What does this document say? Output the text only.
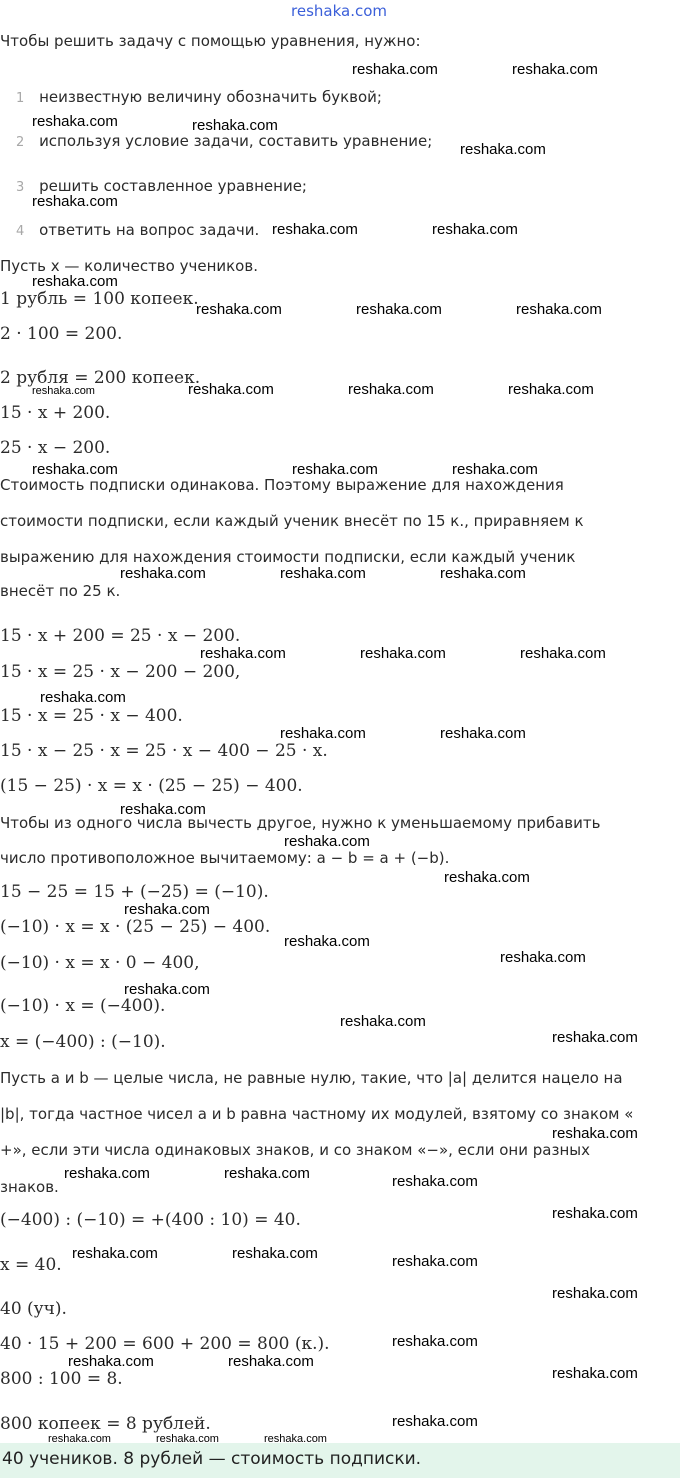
reshaka.com
Чтобы решить задачу с помощью уравнения, нужно:
1 неизвестную величину обозначить буквой;
2 используя условие задачи, составить уравнение;
3 решить составленное уравнение;
4 ответить на вопрос задачи.
Пусть x — количество учеников.
1 рубль = 100 копеек.
2 · 100 = 200.
2 рубля = 200 копеек.
15 · x + 200.
25 · x − 200.
Стоимость подписки одинакова. Поэтому выражение для нахождения
стоимости подписки, если каждый ученик внесёт по 15 к., приравняем к
выражению для нахождения стоимости подписки, если каждый ученик
внесёт по 25 к.
15 · x + 200 = 25 · x − 200.
15 · x = 25 · x − 200 − 200,
15 · x = 25 · x − 400.
15 · x − 25 · x = 25 · x − 400 − 25 · x.
(15 − 25) · x = x · (25 − 25) − 400.
Чтобы из одного числа вычесть другое, нужно к уменьшаемому прибавить
число противоположное вычитаемому: a − b = a + (−b).
15 − 25 = 15 + (−25) = (−10).
(−10) · x = x · (25 − 25) − 400.
(−10) · x = x · 0 − 400,
(−10) · x = (−400).
x = (−400) : (−10).
Пусть a и b — целые числа, не равные нулю, такие, что |a| делится нацело на
|b|, тогда частное чисел a и b равна частному их модулей, взятому со знаком «
+», если эти числа одинаковых знаков, и со знаком «−», если они разных
знаков.
(−400) : (−10) = +(400 : 10) = 40.
x = 40.
40 (уч).
40 · 15 + 200 = 600 + 200 = 800 (к.).
800 : 100 = 8.
800 копеек = 8 рублей.
40 учеников. 8 рублей — стоимость подписки.
reshaka.com	reshaka.com
reshaka.com	reshaka.com
reshaka.com
reshaka.com
reshaka.com	reshaka.com
reshaka.com
reshaka.com	reshaka.com	reshaka.com
reshaka.com	reshaka.com	reshaka.com
reshaka.com	reshaka.com	reshaka.com
reshaka.com	reshaka.com	reshaka.com
reshaka.com	reshaka.com	reshaka.com
reshaka.com
reshaka.com	reshaka.com
reshaka.com
reshaka.com
reshaka.com
reshaka.com
reshaka.com
reshaka.com
reshaka.com
reshaka.com
reshaka.com
reshaka.com
reshaka.com	reshaka.com	reshaka.com
reshaka.com
reshaka.com	reshaka.com	reshaka.com
reshaka.com
reshaka.com
reshaka.com	reshaka.com
reshaka.com
reshaka.com
reshaka.com
reshaka.com	reshaka.com	reshaka.com
